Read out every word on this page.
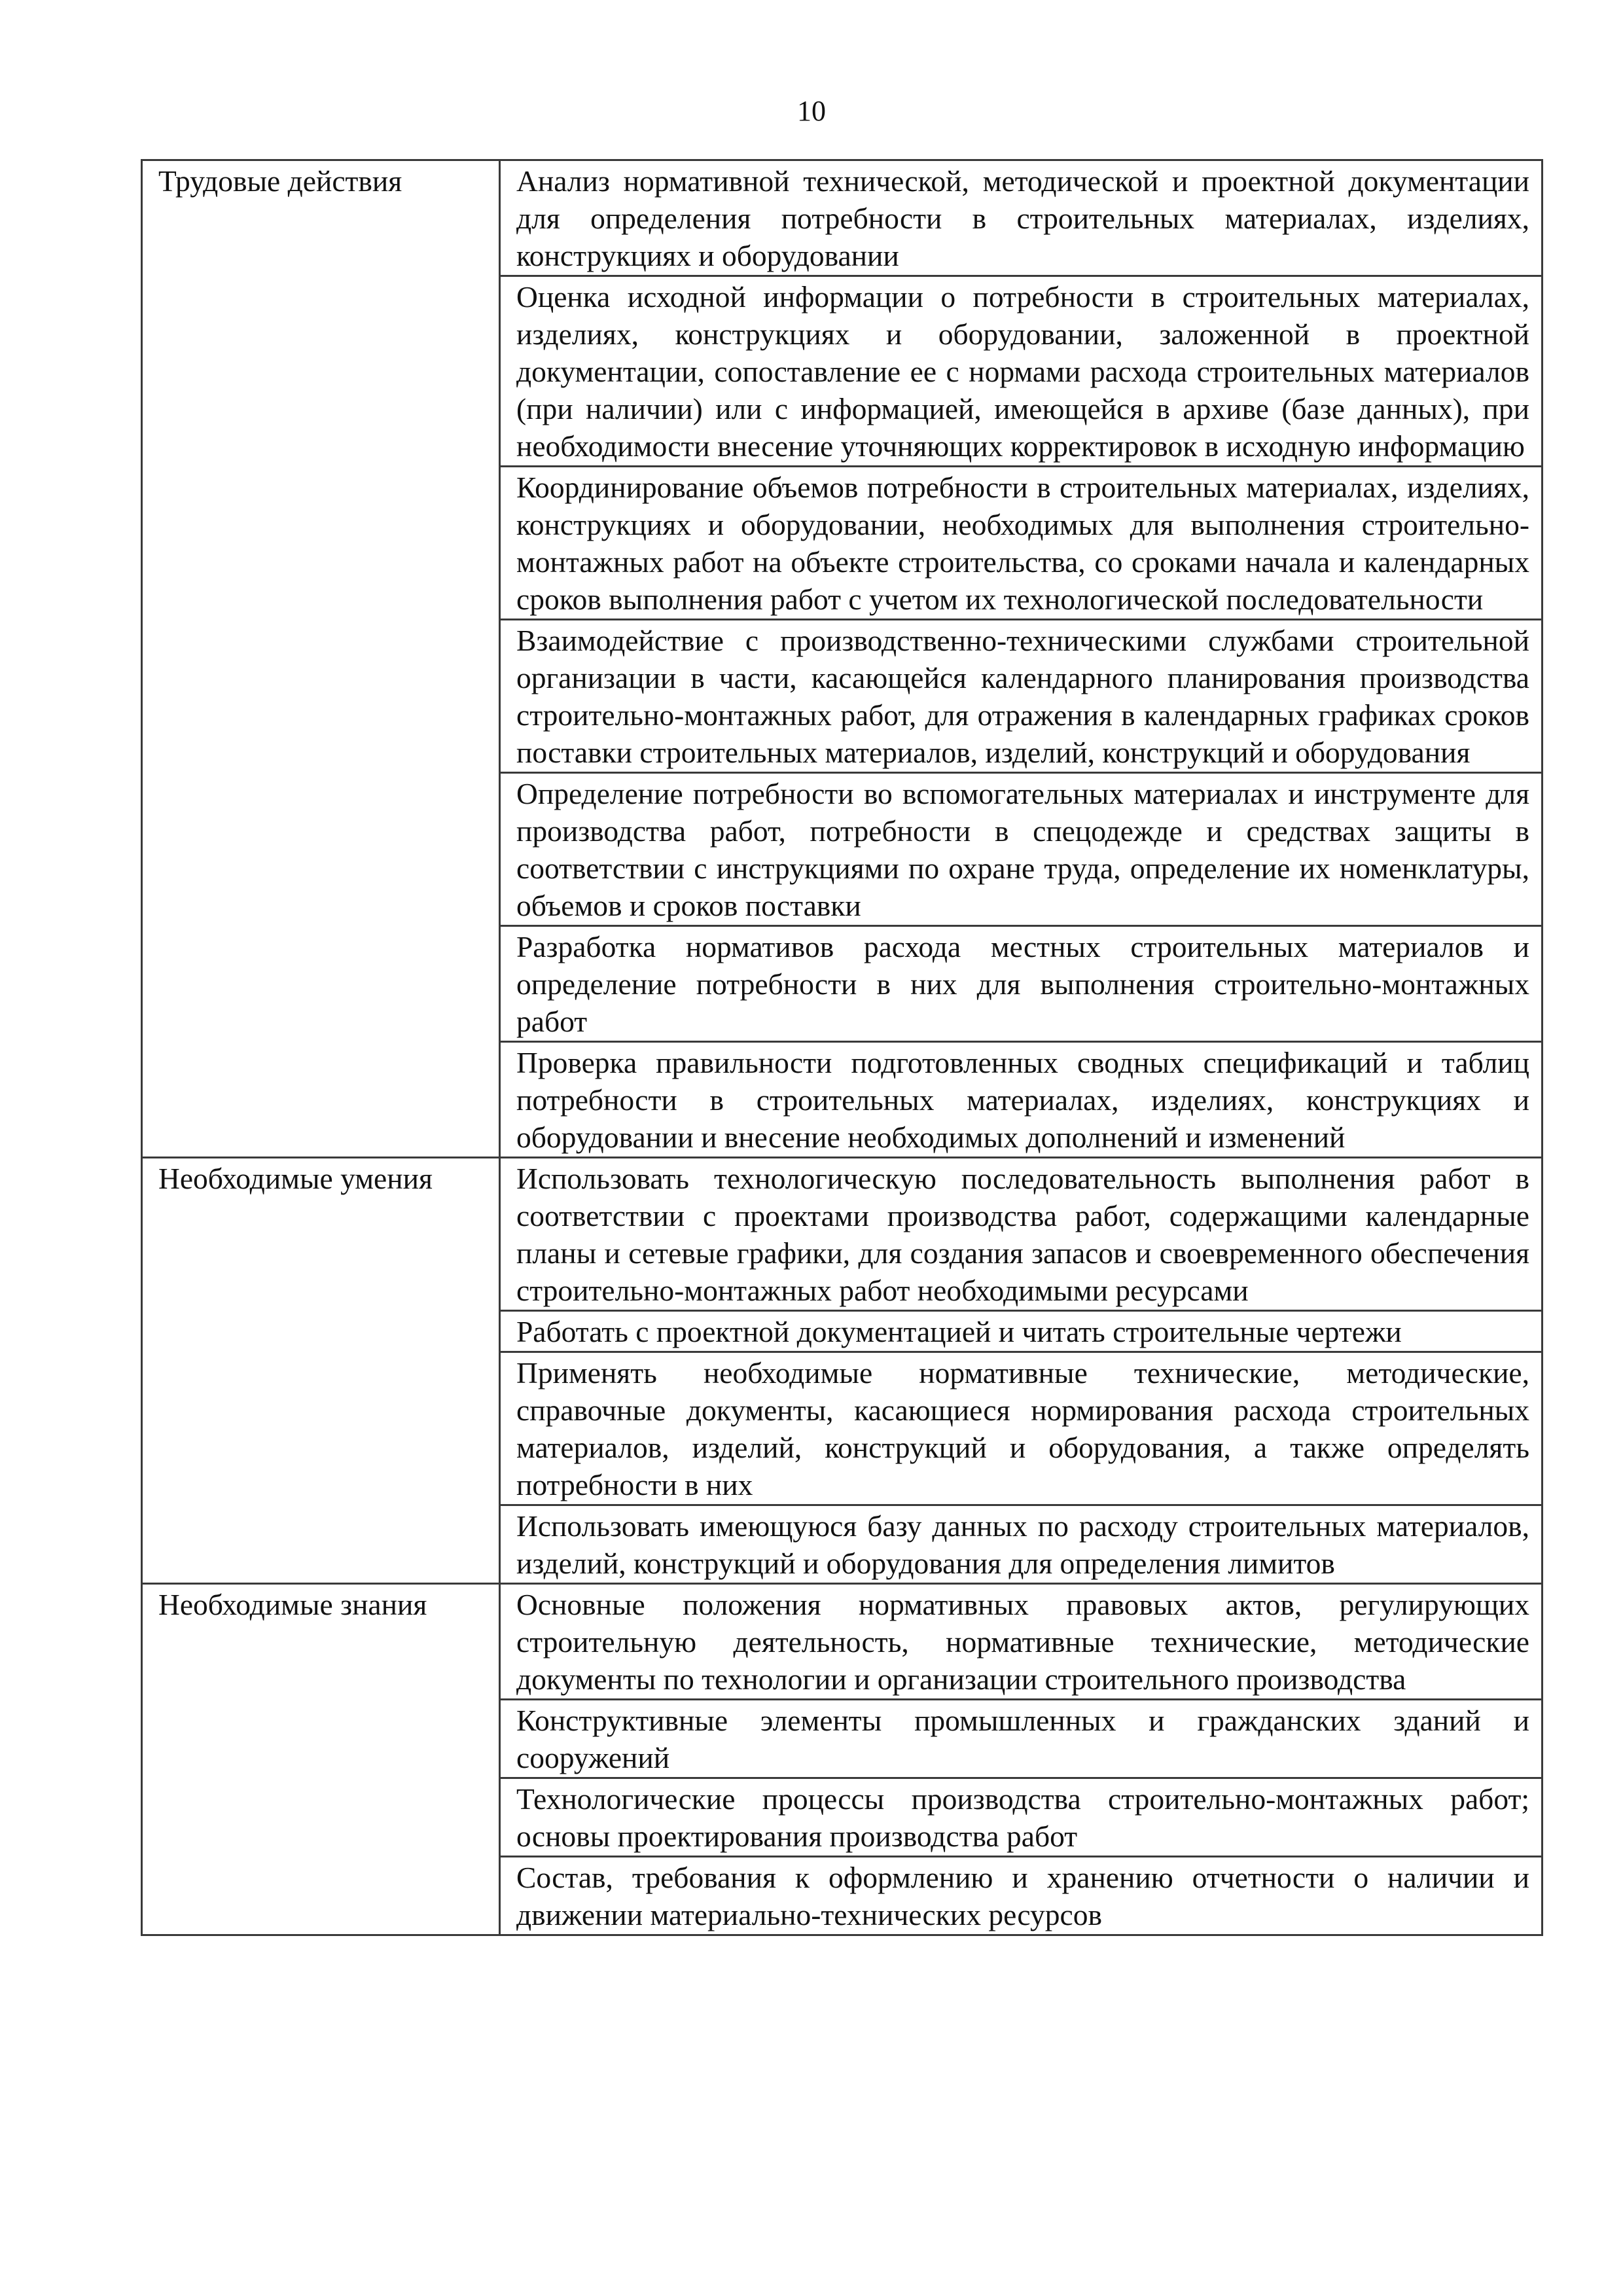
10
Трудовые действия	Анализ нормативной технической, методической и проектной документации для определения потребности в строительных материалах, изделиях, конструкциях и оборудовании
	Оценка исходной информации о потребности в строительных материалах, изделиях, конструкциях и оборудовании, заложенной в проектной документации, сопоставление ее с нормами расхода строительных материалов (при наличии) или с информацией, имеющейся в архиве (базе данных), при необходимости внесение уточняющих корректировок в исходную информацию
	Координирование объемов потребности в строительных материалах, изделиях, конструкциях и оборудовании, необходимых для выполнения строительно-монтажных работ на объекте строительства, со сроками начала и календарных сроков выполнения работ с учетом их технологической последовательности
	Взаимодействие с производственно-техническими службами строительной организации в части, касающейся календарного планирования производства строительно-монтажных работ, для отражения в календарных графиках сроков поставки строительных материалов, изделий, конструкций и оборудования
	Определение потребности во вспомогательных материалах и инструменте для производства работ, потребности в спецодежде и средствах защиты в соответствии с инструкциями по охране труда, определение их номенклатуры, объемов и сроков поставки
	Разработка нормативов расхода местных строительных материалов и определение потребности в них для выполнения строительно-монтажных работ
	Проверка правильности подготовленных сводных спецификаций и таблиц потребности в строительных материалах, изделиях, конструкциях и оборудовании и внесение необходимых дополнений и изменений
Необходимые умения	Использовать технологическую последовательность выполнения работ в соответствии с проектами производства работ, содержащими календарные планы и сетевые графики, для создания запасов и своевременного обеспечения строительно-монтажных работ необходимыми ресурсами
	Работать с проектной документацией и читать строительные чертежи
	Применять необходимые нормативные технические, методические, справочные документы, касающиеся нормирования расхода строительных материалов, изделий, конструкций и оборудования, а также определять потребности в них
	Использовать имеющуюся базу данных по расходу строительных материалов, изделий, конструкций и оборудования для определения лимитов
Необходимые знания	Основные положения нормативных правовых актов, регулирующих строительную деятельность, нормативные технические, методические документы по технологии и организации строительного производства
	Конструктивные элементы промышленных и гражданских зданий и сооружений
	Технологические процессы производства строительно-монтажных работ; основы проектирования производства работ
	Состав, требования к оформлению и хранению отчетности о наличии и движении материально-технических ресурсов
